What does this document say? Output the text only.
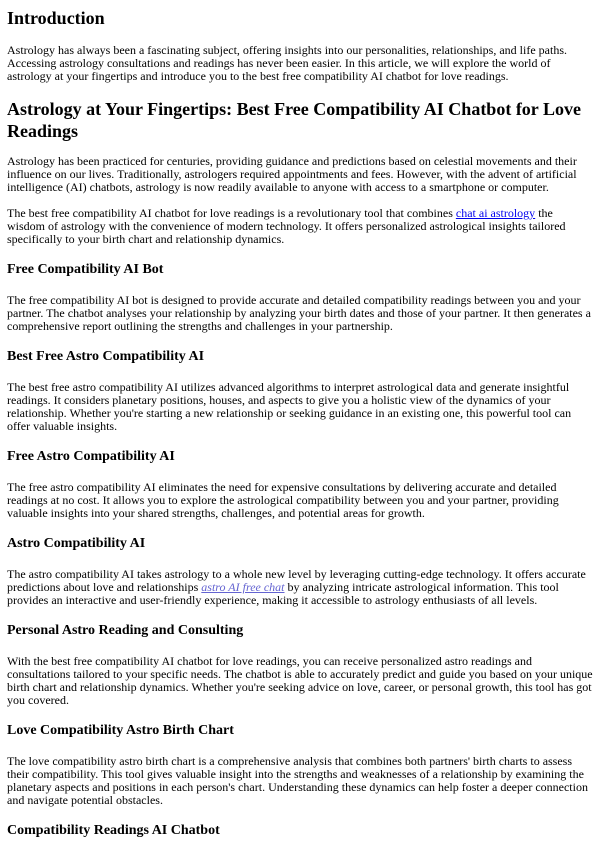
Introduction

Astrology has always been a fascinating subject, offering insights into our personalities, relationships, and life paths. Accessing astrology consultations and readings has never been easier. In this article, we will explore the world of astrology at your fingertips and introduce you to the best free compatibility AI chatbot for love readings.

Astrology at Your Fingertips: Best Free Compatibility AI Chatbot for Love Readings

Astrology has been practiced for centuries, providing guidance and predictions based on celestial movements and their influence on our lives. Traditionally, astrologers required appointments and fees. However, with the advent of artificial intelligence (AI) chatbots, astrology is now readily available to anyone with access to a smartphone or computer.

The best free compatibility AI chatbot for love readings is a revolutionary tool that combines chat ai astrology the wisdom of astrology with the convenience of modern technology. It offers personalized astrological insights tailored specifically to your birth chart and relationship dynamics.

Free Compatibility AI Bot

The free compatibility AI bot is designed to provide accurate and detailed compatibility readings between you and your partner. The chatbot analyses your relationship by analyzing your birth dates and those of your partner. It then generates a comprehensive report outlining the strengths and challenges in your partnership.

Best Free Astro Compatibility AI

The best free astro compatibility AI utilizes advanced algorithms to interpret astrological data and generate insightful readings. It considers planetary positions, houses, and aspects to give you a holistic view of the dynamics of your relationship. Whether you're starting a new relationship or seeking guidance in an existing one, this powerful tool can offer valuable insights.

Free Astro Compatibility AI

The free astro compatibility AI eliminates the need for expensive consultations by delivering accurate and detailed readings at no cost. It allows you to explore the astrological compatibility between you and your partner, providing valuable insights into your shared strengths, challenges, and potential areas for growth.

Astro Compatibility AI

The astro compatibility AI takes astrology to a whole new level by leveraging cutting-edge technology. It offers accurate predictions about love and relationships astro AI free chat by analyzing intricate astrological information. This tool provides an interactive and user-friendly experience, making it accessible to astrology enthusiasts of all levels.

Personal Astro Reading and Consulting

With the best free compatibility AI chatbot for love readings, you can receive personalized astro readings and consultations tailored to your specific needs. The chatbot is able to accurately predict and guide you based on your unique birth chart and relationship dynamics. Whether you're seeking advice on love, career, or personal growth, this tool has got you covered.

Love Compatibility Astro Birth Chart

The love compatibility astro birth chart is a comprehensive analysis that combines both partners' birth charts to assess their compatibility. This tool gives valuable insight into the strengths and weaknesses of a relationship by examining the planetary aspects and positions in each person's chart. Understanding these dynamics can help foster a deeper connection and navigate potential obstacles.

Compatibility Readings AI Chatbot
